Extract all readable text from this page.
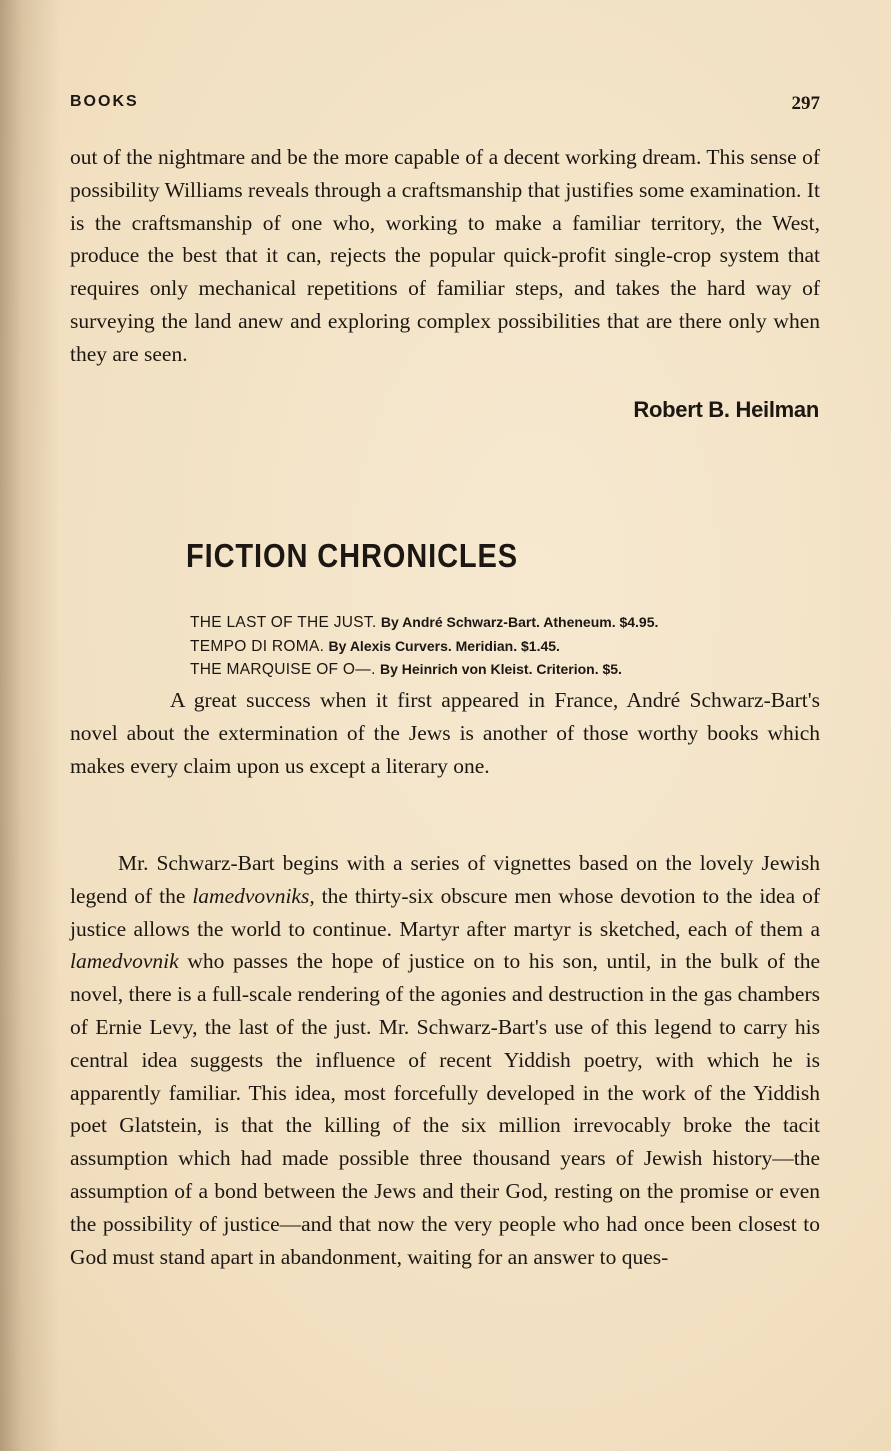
BOOKS	297

out of the nightmare and be the more capable of a decent working dream. This sense of possibility Williams reveals through a craftsmanship that justifies some examination. It is the craftsmanship of one who, working to make a familiar territory, the West, produce the best that it can, rejects the popular quick-profit single-crop system that requires only mechanical repetitions of familiar steps, and takes the hard way of surveying the land anew and exploring complex possibilities that are there only when they are seen.

Robert B. Heilman
FICTION CHRONICLES
THE LAST OF THE JUST. By André Schwarz-Bart. Atheneum. $4.95.
TEMPO DI ROMA. By Alexis Curvers. Meridian. $1.45.
THE MARQUISE OF O—. By Heinrich von Kleist. Criterion. $5.

A great success when it first appeared in France, André Schwarz-Bart's novel about the extermination of the Jews is another of those worthy books which makes every claim upon us except a literary one.

Mr. Schwarz-Bart begins with a series of vignettes based on the lovely Jewish legend of the lamedvovniks, the thirty-six obscure men whose devotion to the idea of justice allows the world to continue. Martyr after martyr is sketched, each of them a lamedvovnik who passes the hope of justice on to his son, until, in the bulk of the novel, there is a full-scale rendering of the agonies and destruction in the gas chambers of Ernie Levy, the last of the just. Mr. Schwarz-Bart's use of this legend to carry his central idea suggests the influence of recent Yiddish poetry, with which he is apparently familiar. This idea, most forcefully developed in the work of the Yiddish poet Glatstein, is that the killing of the six million irrevocably broke the tacit assumption which had made possible three thousand years of Jewish history—the assumption of a bond between the Jews and their God, resting on the promise or even the possibility of justice—and that now the very people who had once been closest to God must stand apart in abandonment, waiting for an answer to ques-
